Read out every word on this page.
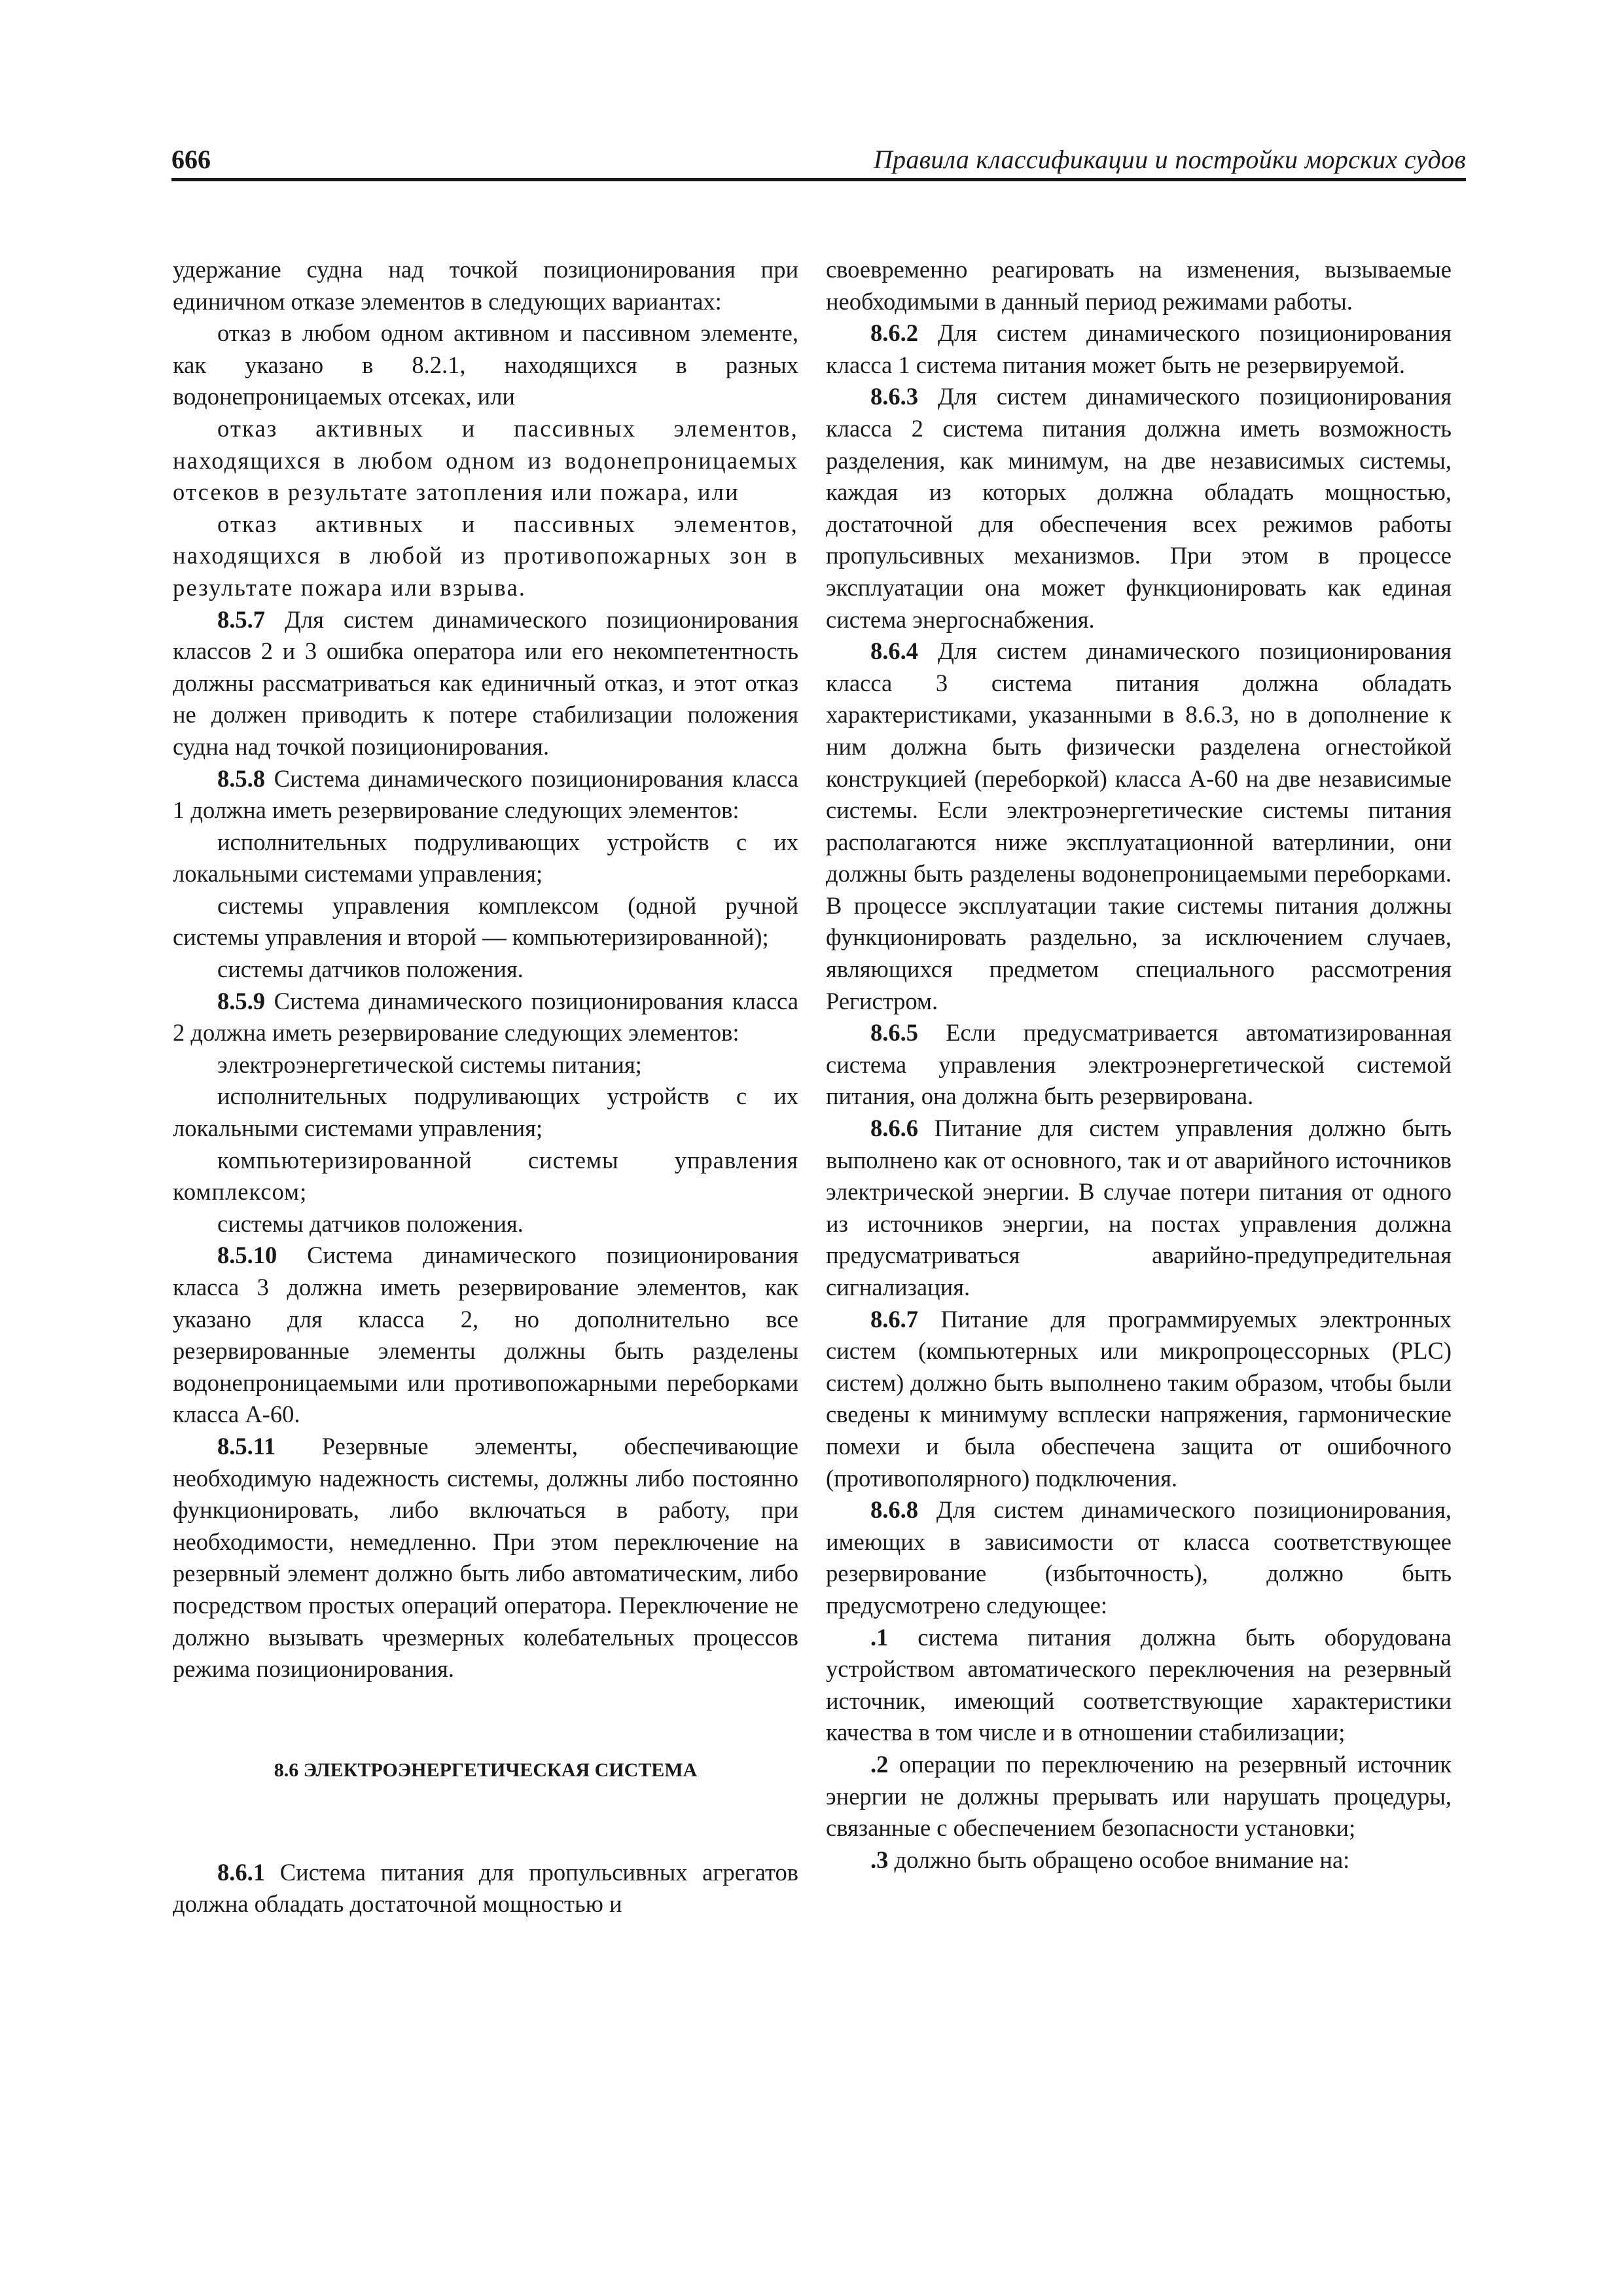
666	Правила классификации и постройки морских судов

удержание судна над точкой позиционирования при единичном отказе элементов в следующих вариантах:

отказ в любом одном активном и пассивном элементе, как указано в 8.2.1, находящихся в разных водонепроницаемых отсеках, или

отказ активных и пассивных элементов, находящихся в любом одном из водонепроницаемых отсеков в результате затопления или пожара, или

отказ активных и пассивных элементов, находящихся в любой из противопожарных зон в результате пожара или взрыва.

8.5.7 Для систем динамического позиционирования классов 2 и 3 ошибка оператора или его некомпетентность должны рассматриваться как единичный отказ, и этот отказ не должен приводить к потере стабилизации положения судна над точкой позиционирования.

8.5.8 Система динамического позиционирования класса 1 должна иметь резервирование следующих элементов:

исполнительных подруливающих устройств с их локальными системами управления;

системы управления комплексом (одной ручной системы управления и второй — компьютеризированной);

системы датчиков положения.

8.5.9 Система динамического позиционирования класса 2 должна иметь резервирование следующих элементов:

электроэнергетической системы питания;

исполнительных подруливающих устройств с их локальными системами управления;

компьютеризированной системы управления комплексом;

системы датчиков положения.

8.5.10 Система динамического позиционирования класса 3 должна иметь резервирование элементов, как указано для класса 2, но дополнительно все резервированные элементы должны быть разделены водонепроницаемыми или противопожарными переборками класса А-60.

8.5.11 Резервные элементы, обеспечивающие необходимую надежность системы, должны либо постоянно функционировать, либо включаться в работу, при необходимости, немедленно. При этом переключение на резервный элемент должно быть либо автоматическим, либо посредством простых операций оператора. Переключение не должно вызывать чрезмерных колебательных процессов режима позиционирования.

8.6 ЭЛЕКТРОЭНЕРГЕТИЧЕСКАЯ СИСТЕМА

8.6.1 Система питания для пропульсивных агрегатов должна обладать достаточной мощностью и

своевременно реагировать на изменения, вызываемые необходимыми в данный период режимами работы.

8.6.2 Для систем динамического позиционирования класса 1 система питания может быть не резервируемой.

8.6.3 Для систем динамического позиционирования класса 2 система питания должна иметь возможность разделения, как минимум, на две независимых системы, каждая из которых должна обладать мощностью, достаточной для обеспечения всех режимов работы пропульсивных механизмов. При этом в процессе эксплуатации она может функционировать как единая система энергоснабжения.

8.6.4 Для систем динамического позиционирования класса 3 система питания должна обладать характеристиками, указанными в 8.6.3, но в дополнение к ним должна быть физически разделена огнестойкой конструкцией (переборкой) класса А-60 на две независимые системы. Если электроэнергетические системы питания располагаются ниже эксплуатационной ватерлинии, они должны быть разделены водонепроницаемыми переборками. В процессе эксплуатации такие системы питания должны функционировать раздельно, за исключением случаев, являющихся предметом специального рассмотрения Регистром.

8.6.5 Если предусматривается автоматизированная система управления электроэнергетической системой питания, она должна быть резервирована.

8.6.6 Питание для систем управления должно быть выполнено как от основного, так и от аварийного источников электрической энергии. В случае потери питания от одного из источников энергии, на постах управления должна предусматриваться аварийно-предупредительная сигнализация.

8.6.7 Питание для программируемых электронных систем (компьютерных или микропроцессорных (PLC) систем) должно быть выполнено таким образом, чтобы были сведены к минимуму всплески напряжения, гармонические помехи и была обеспечена защита от ошибочного (противополярного) подключения.

8.6.8 Для систем динамического позиционирования, имеющих в зависимости от класса соответствующее резервирование (избыточность), должно быть предусмотрено следующее:

.1 система питания должна быть оборудована устройством автоматического переключения на резервный источник, имеющий соответствующие характеристики качества в том числе и в отношении стабилизации;

.2 операции по переключению на резервный источник энергии не должны прерывать или нарушать процедуры, связанные с обеспечением безопасности установки;

.3 должно быть обращено особое внимание на:
